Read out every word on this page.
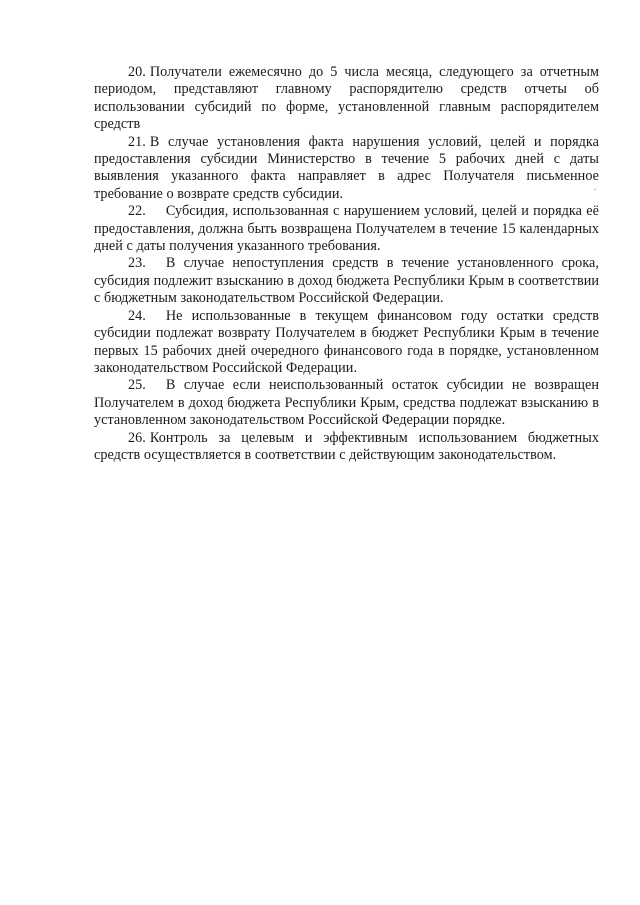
20. Получатели ежемесячно до 5 числа месяца, следующего за отчетным периодом, представляют главному распорядителю средств отчеты об использовании субсидий по форме, установленной главным распорядителем средств

21. В случае установления факта нарушения условий, целей и порядка предоставления субсидии Министерство в течение 5 рабочих дней с даты выявления указанного факта направляет в адрес Получателя письменное требование о возврате средств субсидии.

22. Субсидия, использованная с нарушением условий, целей и порядка её предоставления, должна быть возвращена Получателем в течение 15 календарных дней с даты получения указанного требования.

23. В случае непоступления средств в течение установленного срока, субсидия подлежит взысканию в доход бюджета Республики Крым в соответствии с бюджетным законодательством Российской Федерации.

24. Не использованные в текущем финансовом году остатки средств субсидии подлежат возврату Получателем в бюджет Республики Крым в течение первых 15 рабочих дней очередного финансового года в порядке, установленном законодательством Российской Федерации.

25. В случае если неиспользованный остаток субсидии не возвращен Получателем в доход бюджета Республики Крым, средства подлежат взысканию в установленном законодательством Российской Федерации порядке.

26. Контроль за целевым и эффективным использованием бюджетных средств осуществляется в соответствии с действующим законодательством.
